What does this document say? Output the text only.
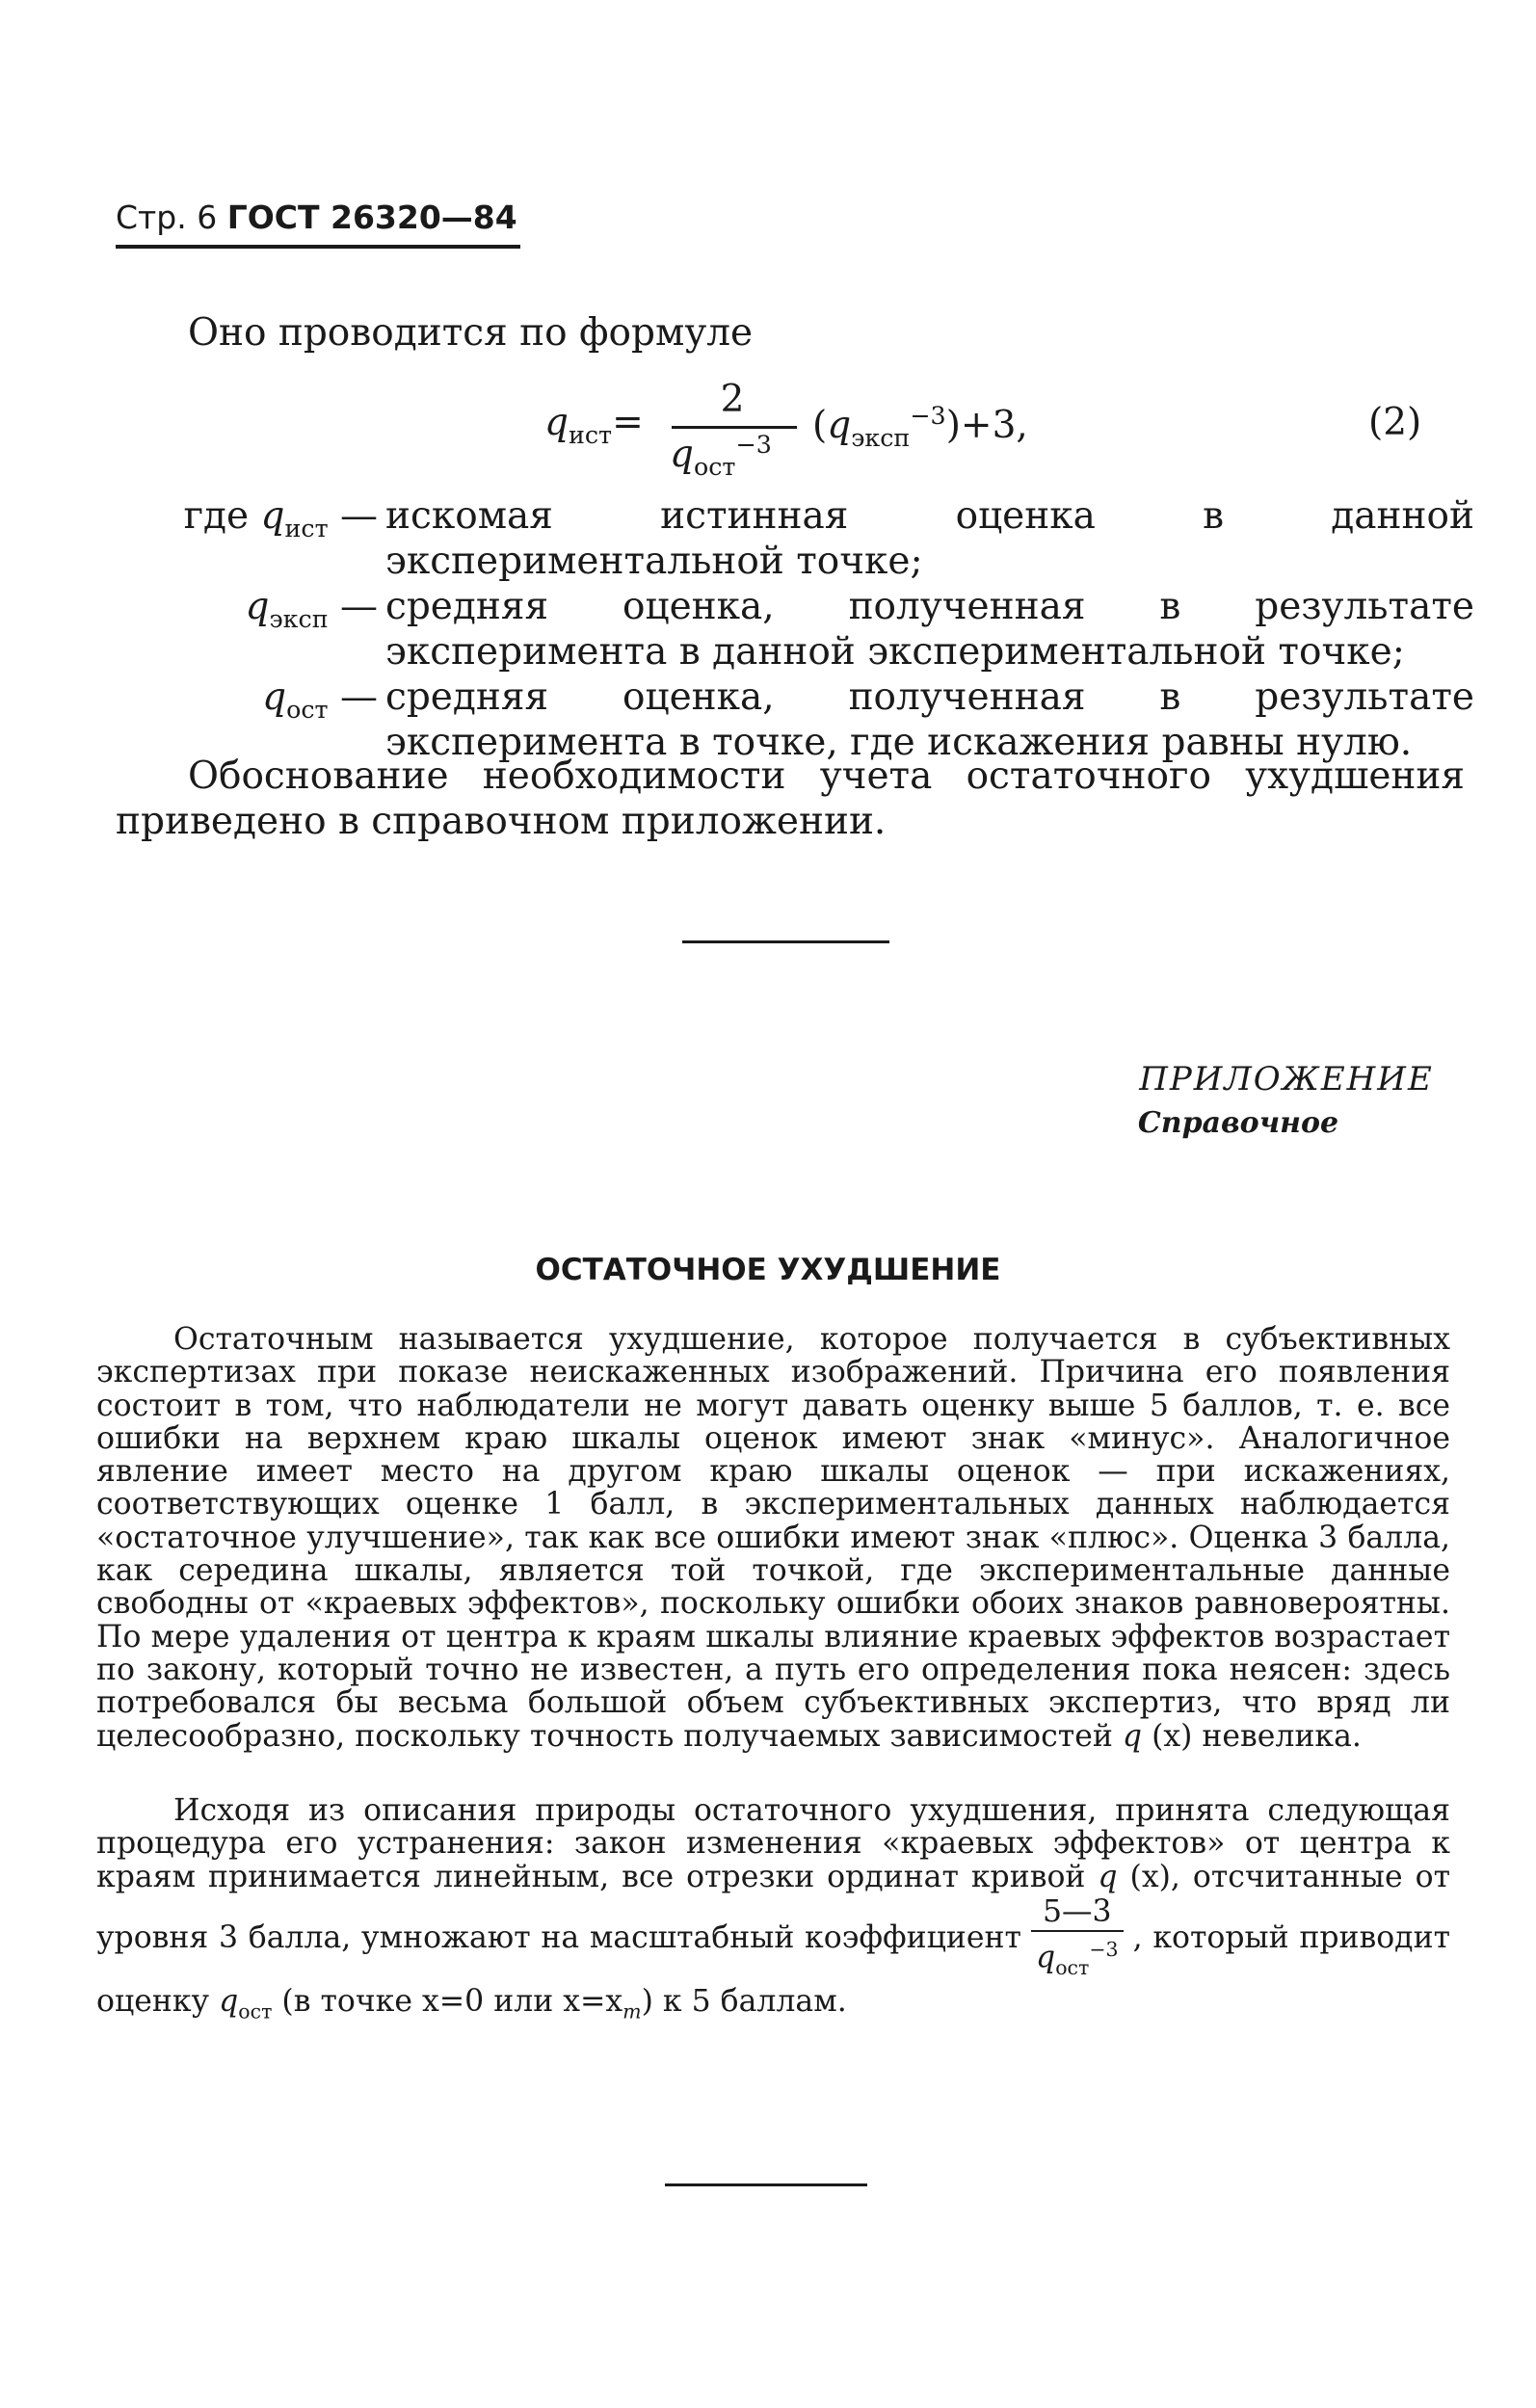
Стр. 6 ГОСТ 26320—84
Оно проводится по формуле
$q_{ист}=$
2
$q_{ост}^{-3}$ $(q_{эксп}^{-3})+3$,	(2)
где $q_{ист}$ — искомая истинная оценка в данной экспериментальной точке;
$q_{эксп}$ — средняя оценка, полученная в результате эксперимента в данной экспериментальной точке;
$q_{ост}$ — средняя оценка, полученная в результате эксперимента в точке, где искажения равны нулю.
Обоснование необходимости учета остаточного ухудшения приведено в справочном приложении.
ПРИЛОЖЕНИЕ
Справочное
ОСТАТОЧНОЕ УХУДШЕНИЕ
Остаточным называется ухудшение, которое получается в субъективных экспертизах при показе неискаженных изображений. Причина его появления состоит в том, что наблюдатели не могут давать оценку выше 5 баллов, т. е. все ошибки на верхнем краю шкалы оценок имеют знак «минус». Аналогичное явление имеет место на другом краю шкалы оценок — при искажениях, соответствующих оценке 1 балл, в экспериментальных данных наблюдается «остаточное улучшение», так как все ошибки имеют знак «плюс». Оценка 3 балла, как середина шкалы, является той точкой, где экспериментальные данные свободны от «краевых эффектов», поскольку ошибки обоих знаков равновероятны. По мере удаления от центра к краям шкалы влияние краевых эффектов возрастает по закону, который точно не известен, а путь его определения пока неясен: здесь потребовался бы весьма большой объем субъективных экспертиз, что вряд ли целесообразно, поскольку точность получаемых зависимостей q (x) невелика.
Исходя из описания природы остаточного ухудшения, принята следующая процедура его устранения: закон изменения «краевых эффектов» от центра к краям принимается линейным, все отрезки ординат кривой q (x), отсчитанные от уровня 3 балла, умножают на масштабный коэффициент $\frac{5—3}{q_{ост}^{-3}}$ , который приводит оценку $q_{ост}$ (в точке x=0 или $x=x_m$) к 5 баллам.
